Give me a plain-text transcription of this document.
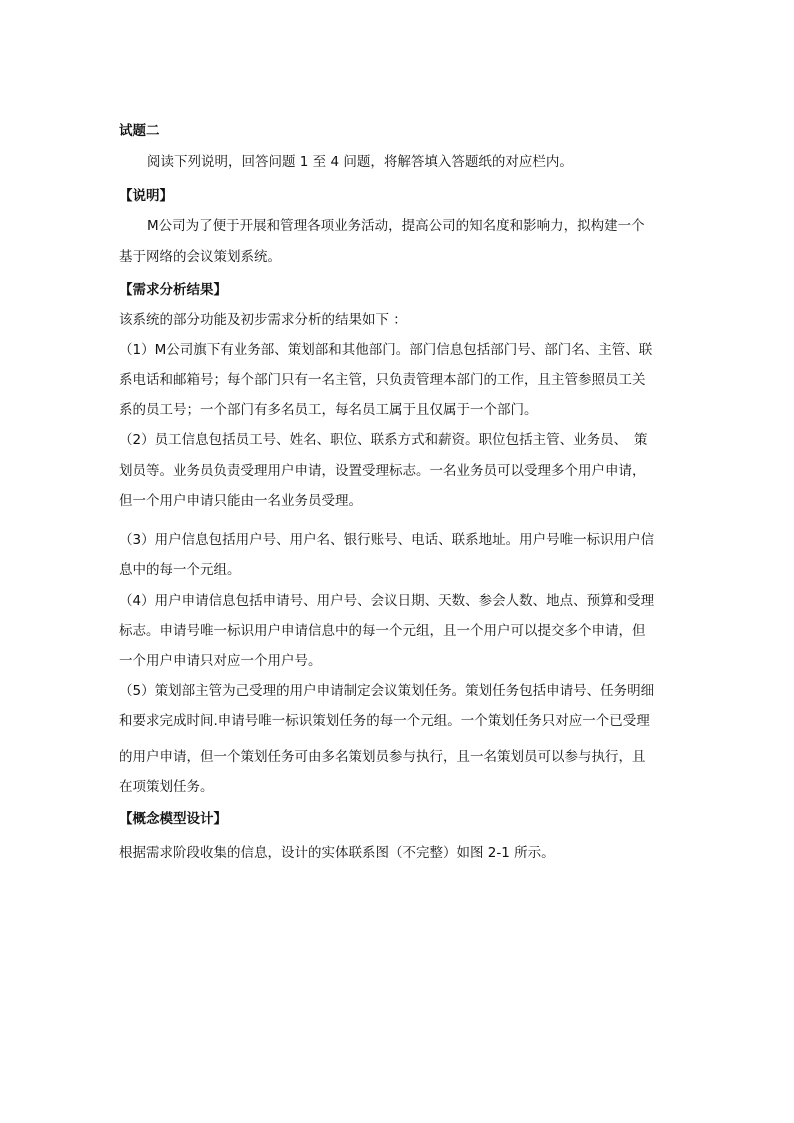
试题二
阅读下列说明，回答问题 1 至 4 问题，将解答填入答题纸的对应栏内。
【说明】
M公司为了便于开展和管理各项业务活动，提高公司的知名度和影响力，拟构建一个
基于网络的会议策划系统。
【需求分析结果】
该系统的部分功能及初步需求分析的结果如下 ：
（1）M公司旗下有业务部、策划部和其他部门。部门信息包括部门号、部门名、主管、联
系电话和邮箱号；每个部门只有一名主管，只负责管理本部门的工作，且主管参照员工关
系的员工号；一个部门有多名员工，每名员工属于且仅属于一个部门。
（2）员工信息包括员工号、姓名、职位、联系方式和薪资。职位包括主管、业务员、　策
划员等。业务员负责受理用户申请，设置受理标志。一名业务员可以受理多个用户申请，
但一个用户申请只能由一名业务员受理。
（3）用户信息包括用户号、用户名、银行账号、电话、联系地址。用户号唯一标识用户信
息中的每一个元组。
（4）用户申请信息包括申请号、用户号、会议日期、天数、参会人数、地点、预算和受理
标志。申请号唯一标识用户申请信息中的每一个元组，且一个用户可以提交多个申请，但
一个用户申请只对应一个用户号。
（5）策划部主管为己受理的用户申请制定会议策划任务。策划任务包括申请号、任务明细
和要求完成时间.申请号唯一标识策划任务的每一个元组。一个策划任务只对应一个已受理
的用户申请，但一个策划任务可由多名策划员参与执行，且一名策划员可以参与执行，且
在项策划任务。
【概念模型设计】
根据需求阶段收集的信息，设计的实体联系图（不完整）如图 2-1 所示。
